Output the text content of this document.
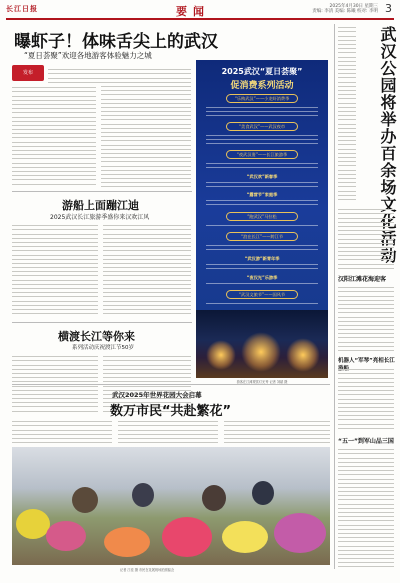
长江日报	要闻	2025年4月30日 星期三
责编: 李清 美编: 陈曦 校对: 李明 3
曝虾子！体味舌尖上的武汉
“夏日荟聚”欢迎各地游客体验魅力之城
发布
游船上面蹦江迪
2025武汉长江旅游季盛你来汉欢江风
横渡长江等你来
系列活动庆祝渡江节50岁
2025武汉“夏日荟聚”
促消费系列活动
“乐购武汉”——小龙虾消费季
“美食武汉”——武汉夜市
“夜武汉耍”——长江旅游季
“武汉欢”新春季
“露营节”家庭季
“跑武汉”马拉松
“浪在长江”——跨江节
“武汉游”新青年季
“夜汉光”乐游季
“武汉文旅节”——国风节
游客在江滩观赏灯光秀 记者 刘斌 摄
武汉公园将举办百余场文化活动
汉阳江滩花海迎客
机器人“军琴”亮相长江游船
“五一”到军山品三国
武汉2025年世界花园大会启幕
数万市民“共赴繁花”
记者 江佳 摄 市民在花展现场拍照留念
